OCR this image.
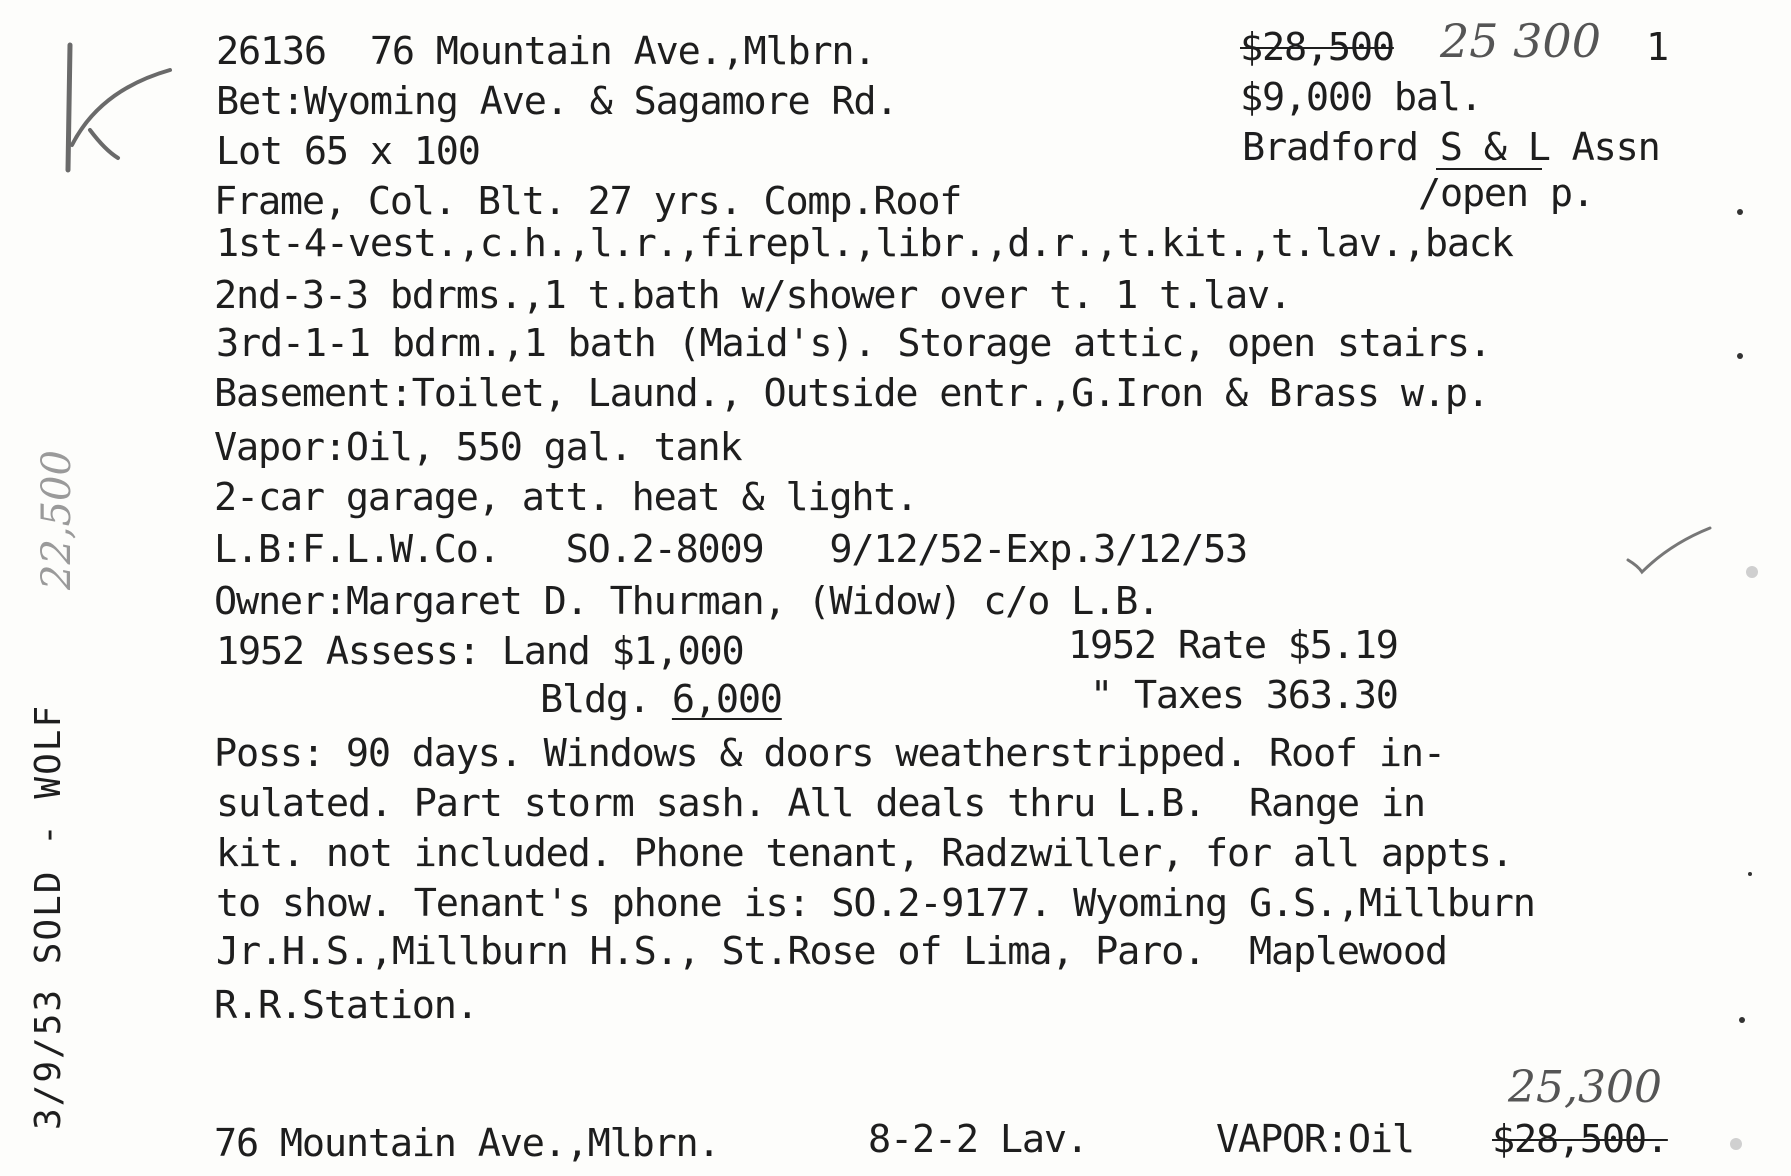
26136 76 Mountain Ave.,Mlbrn.
Bet:Wyoming Ave. & Sagamore Rd.
Lot 65 x 100
Frame, Col. Blt. 27 yrs. Comp.Roof
$28,500 25 300 1
$9,000 bal.
Bradford S & L Assn
/open p.
1st-4-vest.,c.h.,l.r.,firepl.,libr.,d.r.,t.kit.,t.lav.,back
2nd-3-3 bdrms.,1 t.bath w/shower over t. 1 t.lav.
3rd-1-1 bdrm.,1 bath (Maid's). Storage attic, open stairs.
Basement:Toilet, Laund., Outside entr.,G.Iron & Brass w.p.
Vapor:Oil, 550 gal. tank
2-car garage, att. heat & light.
L.B:F.L.W.Co. SO.2-8009 9/12/52-Exp.3/12/53
Owner:Margaret D. Thurman, (Widow) c/o L.B.
1952 Assess: Land $1,000	1952 Rate $5.19
Bldg. 6,000	" Taxes 363.30
Poss: 90 days. Windows & doors weatherstripped. Roof in-
sulated. Part storm sash. All deals thru L.B.  Range in
kit. not included. Phone tenant, Radzwiller, for all appts.
to show. Tenant's phone is: SO.2-9177. Wyoming G.S.,Millburn
Jr.H.S.,Millburn H.S., St.Rose of Lima, Paro.  Maplewood
R.R.Station.
76 Mountain Ave.,Mlbrn.	8-2-2 Lav.	VAPOR:Oil $28,500.
25,300
3/9/53 SOLD - WOLF
22,500
